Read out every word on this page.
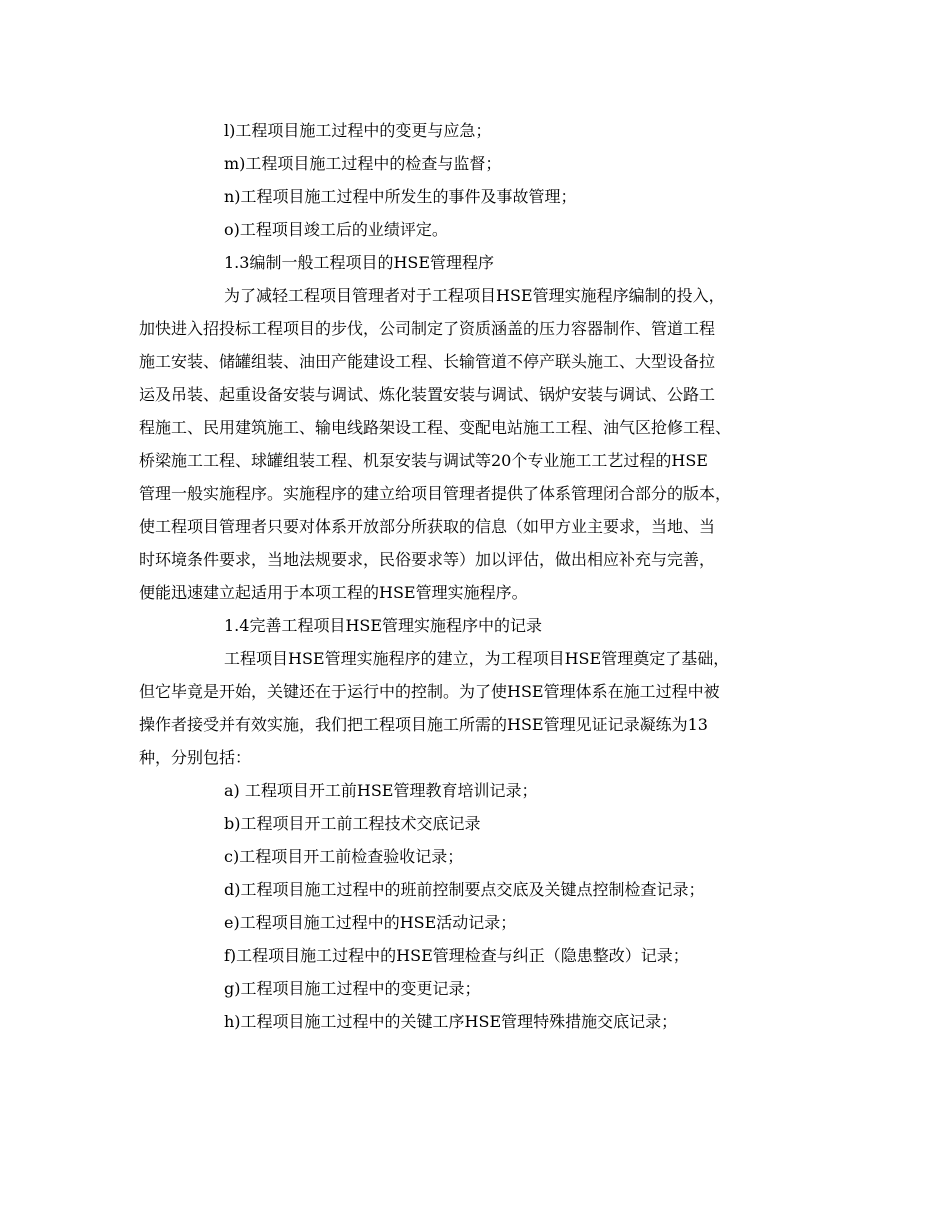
l)工程项目施工过程中的变更与应急；
m)工程项目施工过程中的检查与监督；
n)工程项目施工过程中所发生的事件及事故管理；
o)工程项目竣工后的业绩评定。
1.3编制一般工程项目的HSE管理程序
为了减轻工程项目管理者对于工程项目HSE管理实施程序编制的投入，
加快进入招投标工程项目的步伐，公司制定了资质涵盖的压力容器制作、管道工程
施工安装、储罐组装、油田产能建设工程、长输管道不停产联头施工、大型设备拉
运及吊装、起重设备安装与调试、炼化装置安装与调试、锅炉安装与调试、公路工
程施工、民用建筑施工、输电线路架设工程、变配电站施工工程、油气区抢修工程、
桥梁施工工程、球罐组装工程、机泵安装与调试等20个专业施工工艺过程的HSE
管理一般实施程序。实施程序的建立给项目管理者提供了体系管理闭合部分的版本，
使工程项目管理者只要对体系开放部分所获取的信息（如甲方业主要求，当地、当
时环境条件要求，当地法规要求，民俗要求等）加以评估，做出相应补充与完善，
便能迅速建立起适用于本项工程的HSE管理实施程序。
1.4完善工程项目HSE管理实施程序中的记录
工程项目HSE管理实施程序的建立，为工程项目HSE管理奠定了基础，
但它毕竟是开始，关键还在于运行中的控制。为了使HSE管理体系在施工过程中被
操作者接受并有效实施，我们把工程项目施工所需的HSE管理见证记录凝练为13
种，分别包括：
a) 工程项目开工前HSE管理教育培训记录；
b)工程项目开工前工程技术交底记录
c)工程项目开工前检查验收记录；
d)工程项目施工过程中的班前控制要点交底及关键点控制检查记录；
e)工程项目施工过程中的HSE活动记录；
f)工程项目施工过程中的HSE管理检查与纠正（隐患整改）记录；
g)工程项目施工过程中的变更记录；
h)工程项目施工过程中的关键工序HSE管理特殊措施交底记录；
